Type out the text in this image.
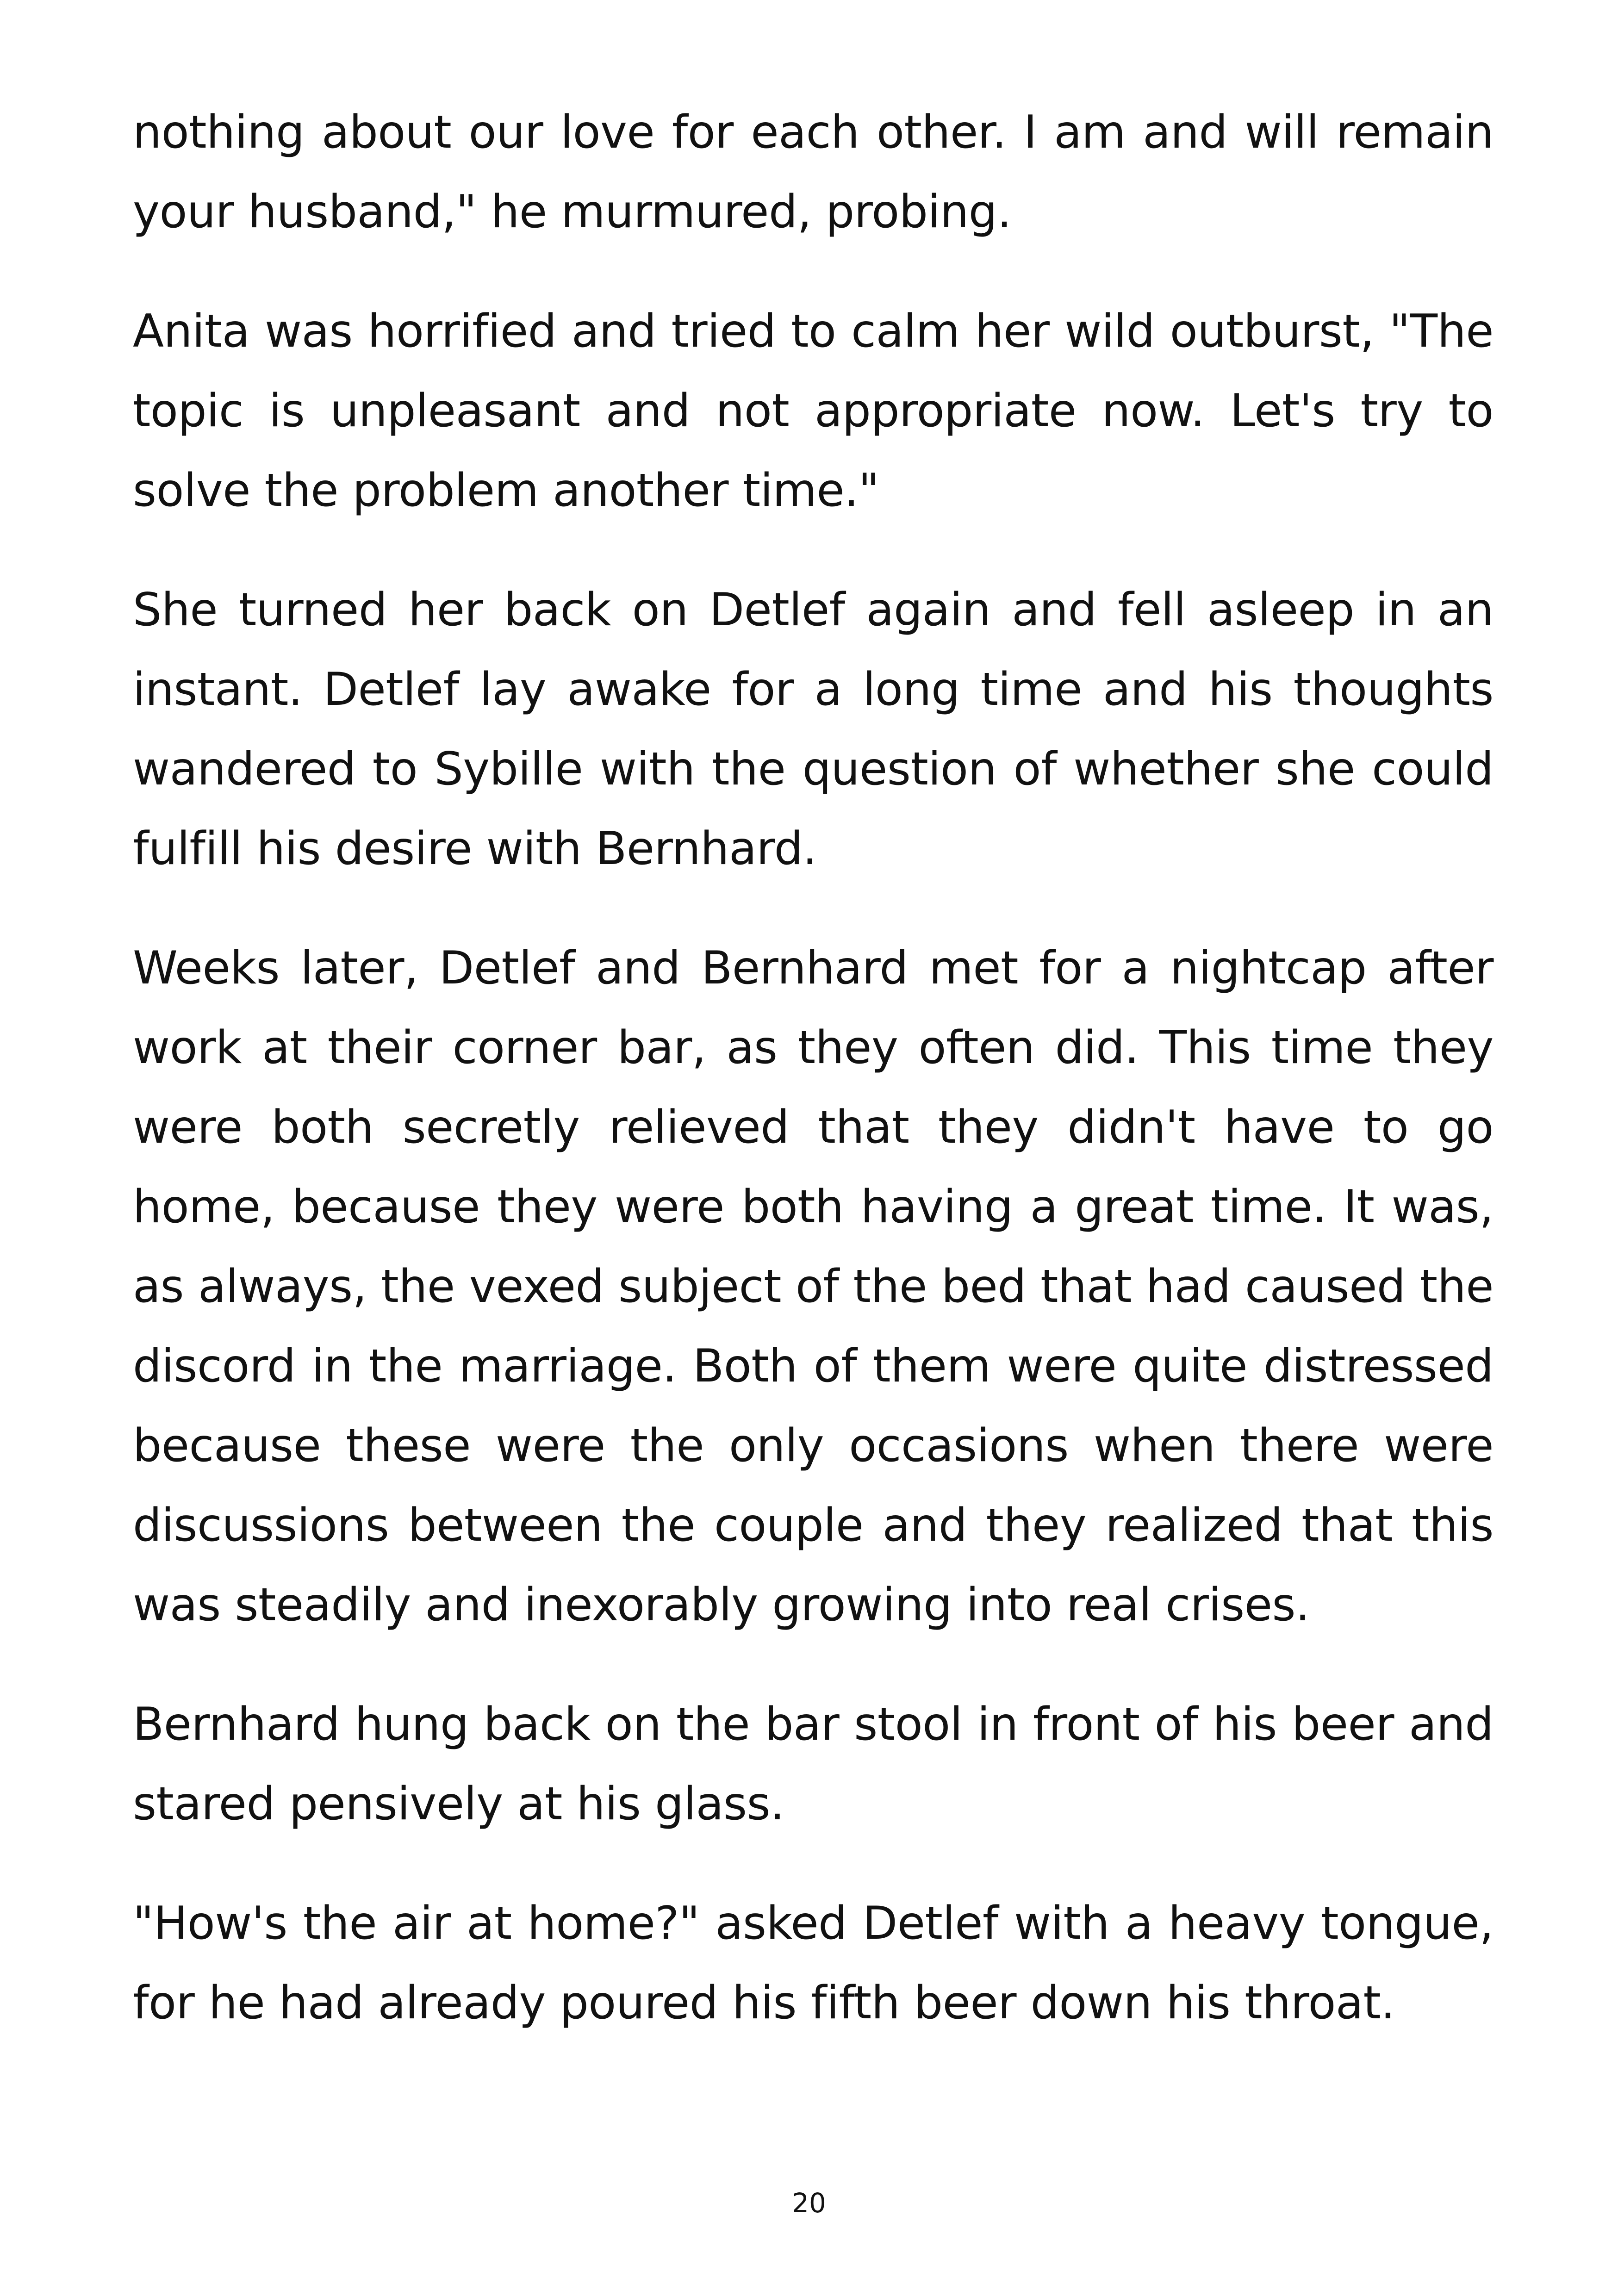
nothing about our love for each other. I am and will remain your husband," he murmured, probing.

Anita was horrified and tried to calm her wild outburst, "The topic is unpleasant and not appropriate now. Let's try to solve the problem another time."

She turned her back on Detlef again and fell asleep in an instant. Detlef lay awake for a long time and his thoughts wandered to Sybille with the question of whether she could fulfill his desire with Bernhard.

Weeks later, Detlef and Bernhard met for a nightcap after work at their corner bar, as they often did. This time they were both secretly relieved that they didn't have to go home, because they were both having a great time. It was, as always, the vexed subject of the bed that had caused the discord in the marriage. Both of them were quite distressed because these were the only occasions when there were discussions between the couple and they realized that this was steadily and inexorably growing into real crises.

Bernhard hung back on the bar stool in front of his beer and stared pensively at his glass.

"How's the air at home?" asked Detlef with a heavy tongue, for he had already poured his fifth beer down his throat.

20
